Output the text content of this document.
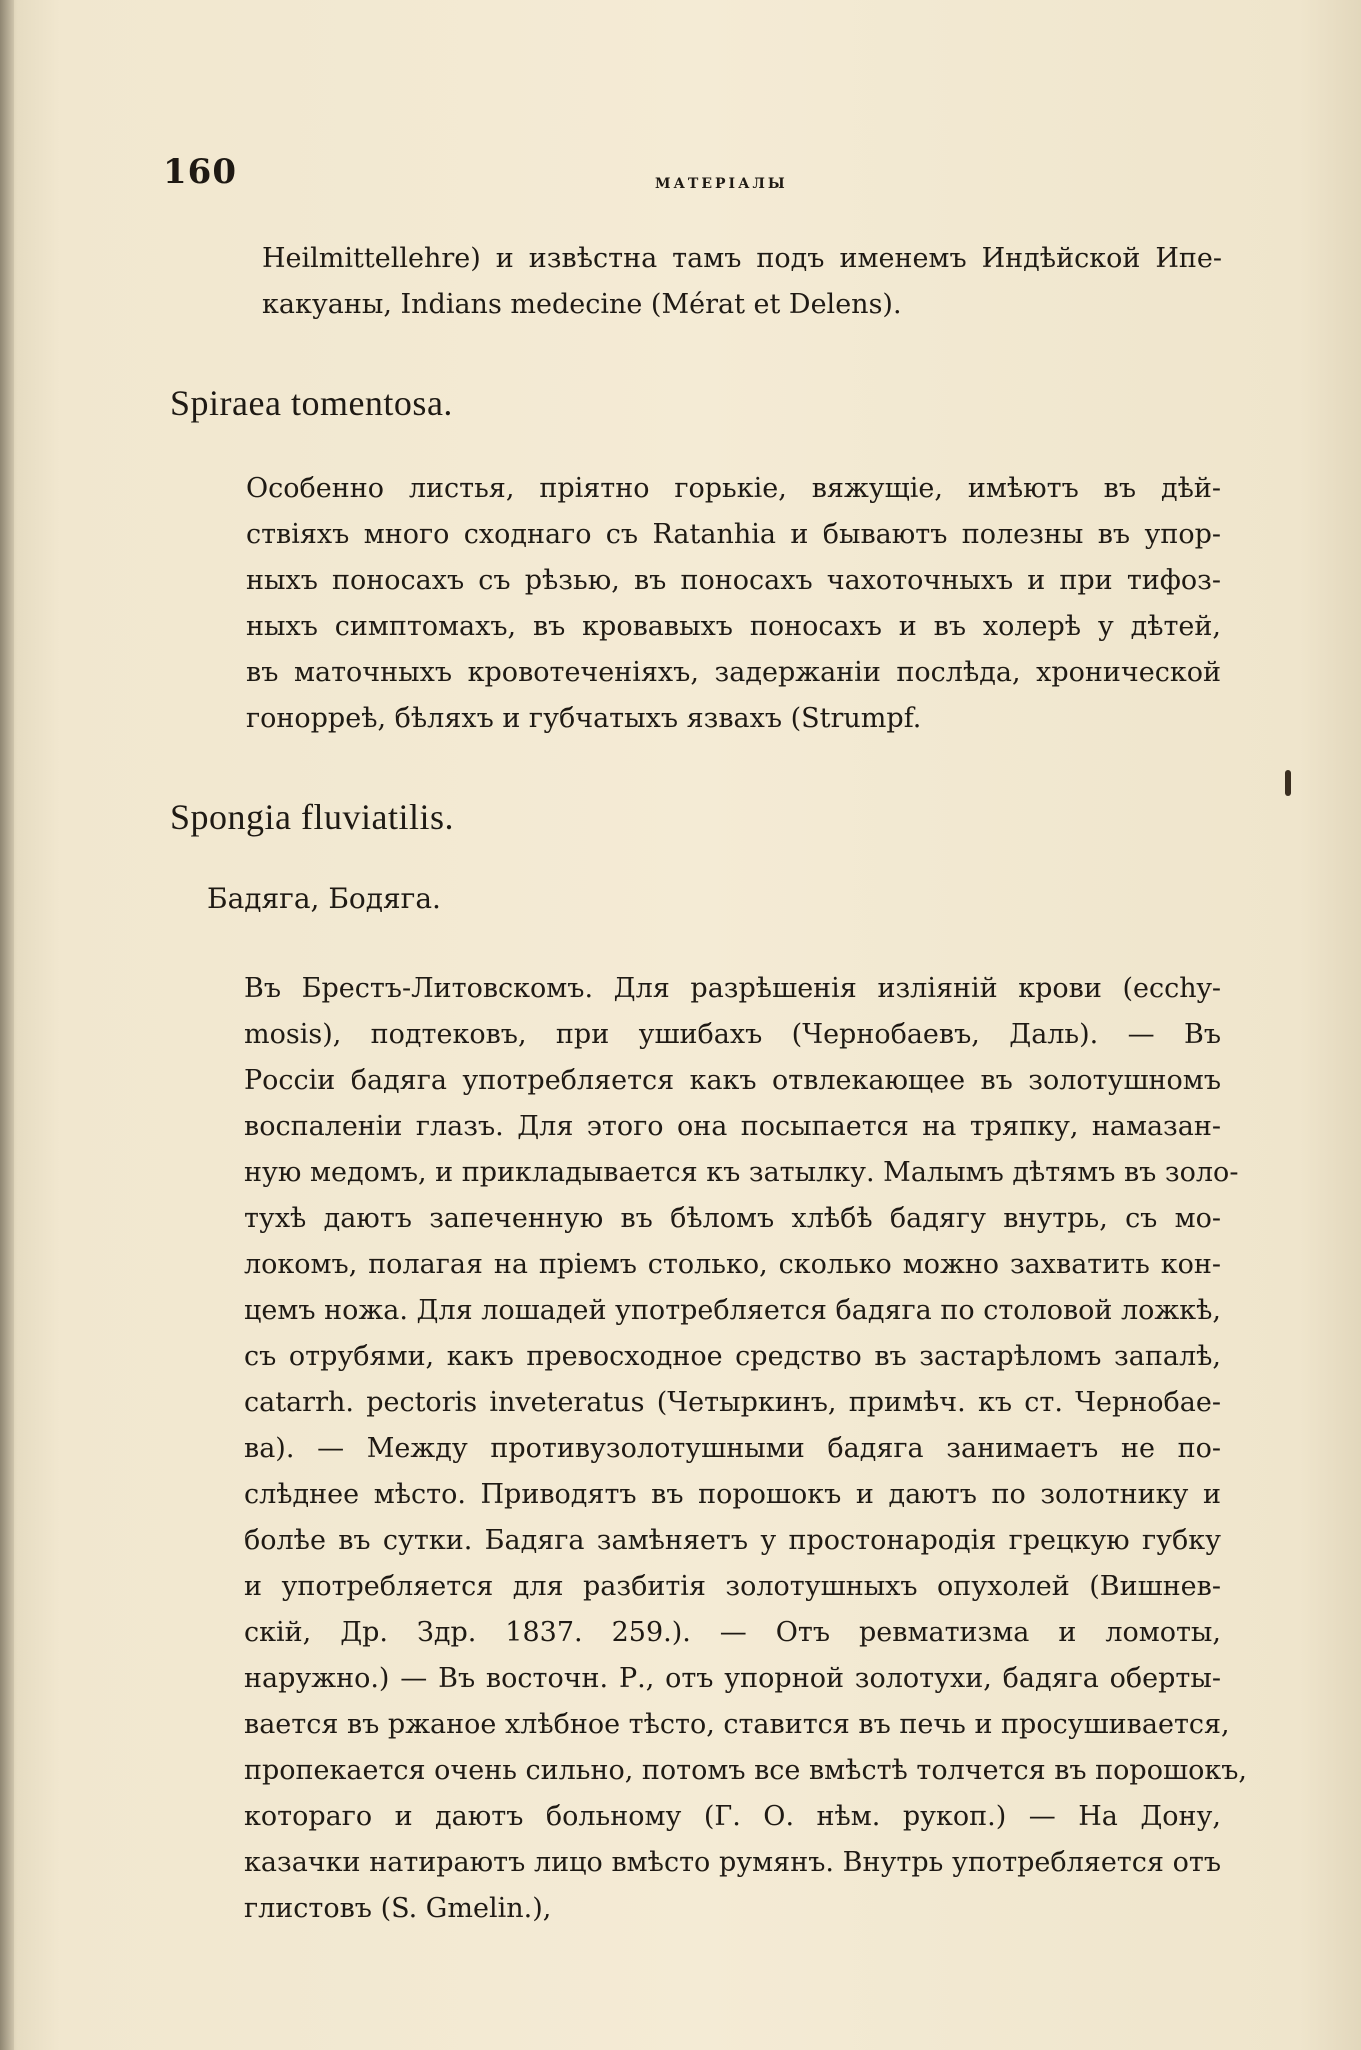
160	МАТЕРІАЛЫ
Heilmittellehre) и извѣстна тамъ подъ именемъ Индѣйской Ипе-
какуаны, Indians medecine (Mérat et Delens).
Spiraea tomentosa.
Особенно листья, пріятно горькіе, вяжущіе, имѣютъ въ дѣй-
ствіяхъ много сходнаго съ Ratanhia и бываютъ полезны въ упор-
ныхъ поносахъ съ рѣзью, въ поносахъ чахоточныхъ и при тифоз-
ныхъ симптомахъ, въ кровавыхъ поносахъ и въ холерѣ у дѣтей,
въ маточныхъ кровотеченіяхъ, задержаніи послѣда, хронической
гонорреѣ, бѣляхъ и губчатыхъ язвахъ (Strumpf.
Spongia fluviatilis.
Бадяга, Бодяга.
Въ Брестъ-Литовскомъ. Для разрѣшенія изліяній крови (ecchy-
mosis), подтековъ, при ушибахъ (Чернобаевъ, Даль). — Въ
Россіи бадяга употребляется какъ отвлекающее въ золотушномъ
воспаленіи глазъ. Для этого она посыпается на тряпку, намазан-
ную медомъ, и прикладывается къ затылку. Малымъ дѣтямъ въ золо-
тухѣ даютъ запеченную въ бѣломъ хлѣбѣ бадягу внутрь, съ мо-
локомъ, полагая на пріемъ столько, сколько можно захватить кон-
цемъ ножа. Для лошадей употребляется бадяга по столовой ложкѣ,
съ отрубями, какъ превосходное средство въ застарѣломъ запалѣ,
catarrh. pectoris inveteratus (Четыркинъ, примѣч. къ ст. Чернобае-
ва). — Между противузолотушными бадяга занимаетъ не по-
слѣднее мѣсто. Приводятъ въ порошокъ и даютъ по золотнику и
болѣе въ сутки. Бадяга замѣняетъ у простонародія грецкую губку
и употребляется для разбитія золотушныхъ опухолей (Вишнев-
скій, Др. Здр. 1837. 259.). — Отъ ревматизма и ломоты,
наружно.) — Въ восточн. Р., отъ упорной золотухи, бадяга оберты-
вается въ ржаное хлѣбное тѣсто, ставится въ печь и просушивается,
пропекается очень сильно, потомъ все вмѣстѣ толчется въ порошокъ,
котораго и даютъ больному (Г. О. нѣм. рукоп.) — На Дону,
казачки натираютъ лицо вмѣсто румянъ. Внутрь употребляется отъ
глистовъ (S. Gmelin.),
